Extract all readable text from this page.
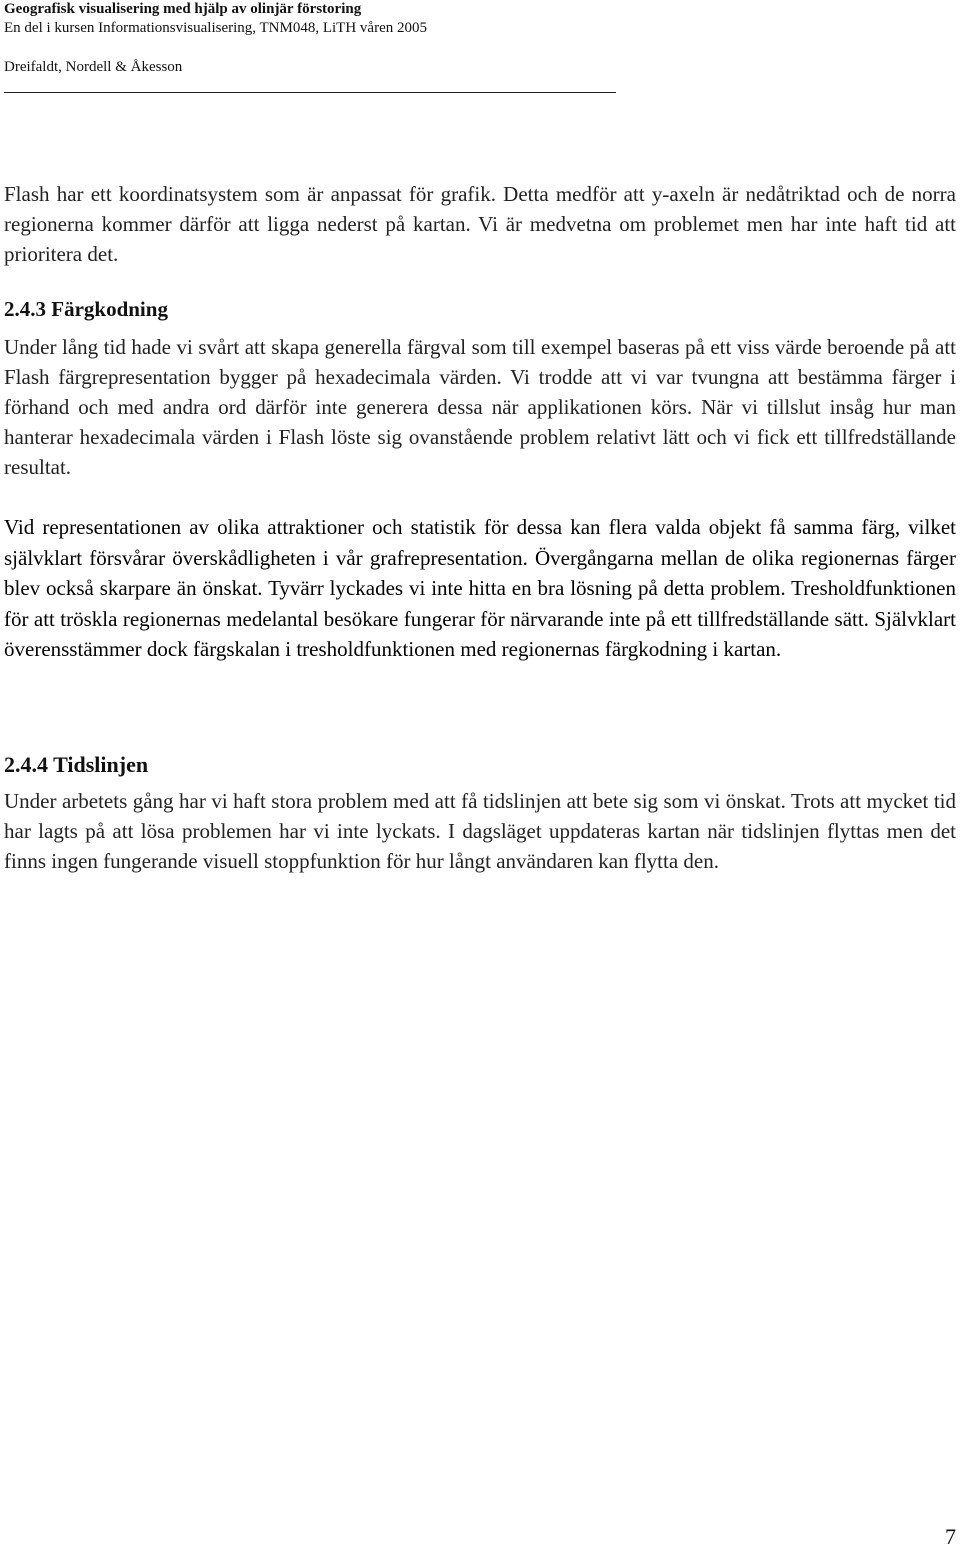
Geografisk visualisering med hjälp av olinjär förstoring
En del i kursen Informationsvisualisering, TNM048, LiTH våren 2005
Dreifaldt, Nordell & Åkesson

Flash har ett koordinatsystem som är anpassat för grafik. Detta medför att y-axeln är nedåtriktad och de norra regionerna kommer därför att ligga nederst på kartan. Vi är medvetna om problemet men har inte haft tid att prioritera det.

2.4.3 Färgkodning

Under lång tid hade vi svårt att skapa generella färgval som till exempel baseras på ett viss värde beroende på att Flash färgrepresentation bygger på hexadecimala värden. Vi trodde att vi var tvungna att bestämma färger i förhand och med andra ord därför inte generera dessa när applikationen körs. När vi tillslut insåg hur man hanterar hexadecimala värden i Flash löste sig ovanstående problem relativt lätt och vi fick ett tillfredställande resultat.

Vid representationen av olika attraktioner och statistik för dessa kan flera valda objekt få samma färg, vilket självklart försvårar överskådligheten i vår grafrepresentation. Övergångarna mellan de olika regionernas färger blev också skarpare än önskat. Tyvärr lyckades vi inte hitta en bra lösning på detta problem. Tresholdfunktionen för att tröskla regionernas medelantal besökare fungerar för närvarande inte på ett tillfredställande sätt. Självklart överensstämmer dock färgskalan i tresholdfunktionen med regionernas färgkodning i kartan.

2.4.4 Tidslinjen

Under arbetets gång har vi haft stora problem med att få tidslinjen att bete sig som vi önskat. Trots att mycket tid har lagts på att lösa problemen har vi inte lyckats. I dagsläget uppdateras kartan när tidslinjen flyttas men det finns ingen fungerande visuell stoppfunktion för hur långt användaren kan flytta den.

7
